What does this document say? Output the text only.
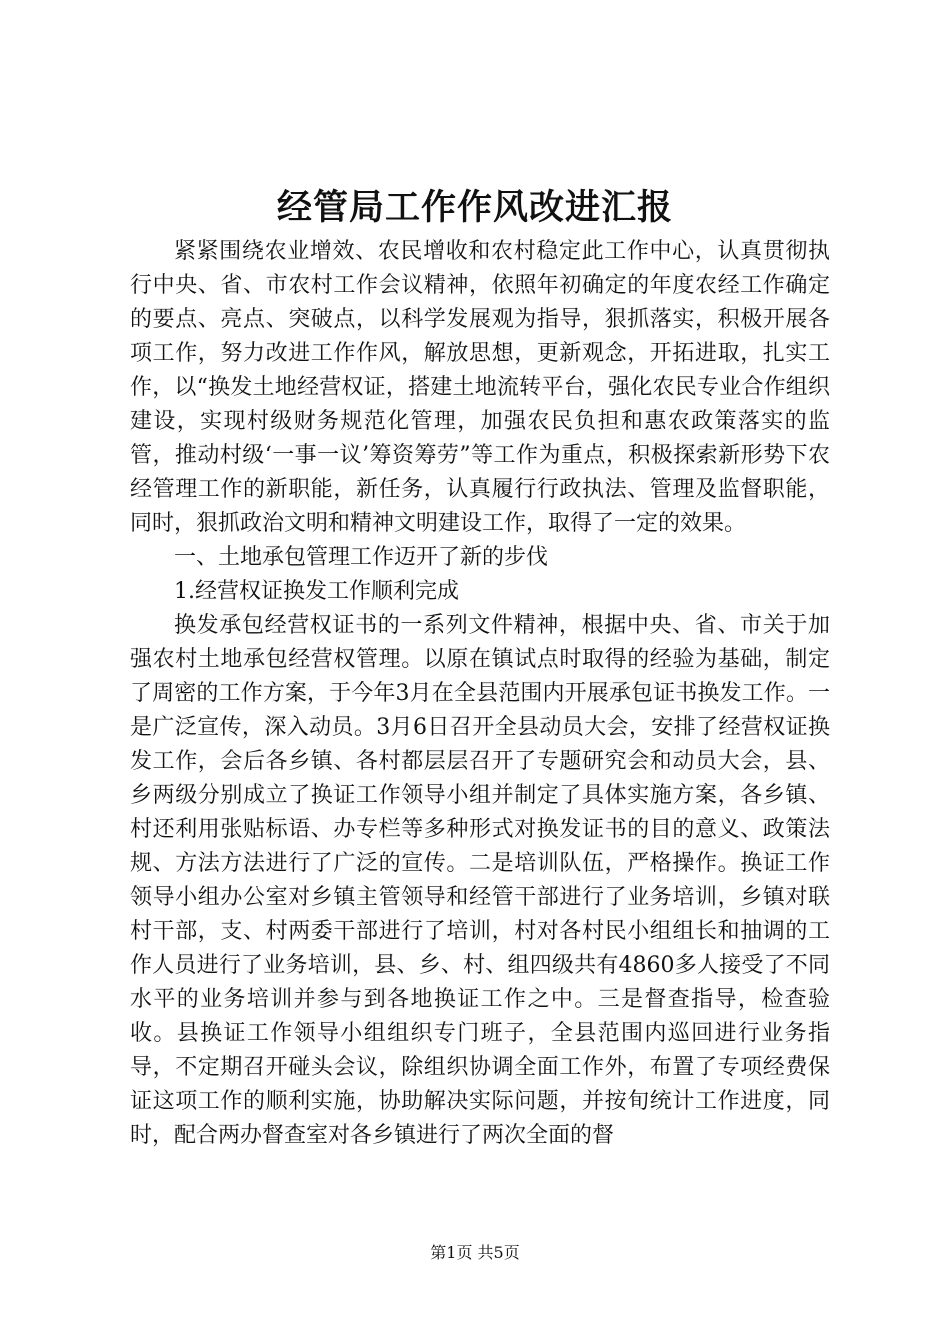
经管局工作作风改进汇报

紧紧围绕农业增效、农民增收和农村稳定此工作中心，认真贯彻执行中央、省、市农村工作会议精神，依照年初确定的年度农经工作确定的要点、亮点、突破点，以科学发展观为指导，狠抓落实，积极开展各项工作，努力改进工作作风，解放思想，更新观念，开拓进取，扎实工作，以“换发土地经营权证，搭建土地流转平台，强化农民专业合作组织建设，实现村级财务规范化管理，加强农民负担和惠农政策落实的监管，推动村级‘一事一议’筹资筹劳”等工作为重点，积极探索新形势下农经管理工作的新职能，新任务，认真履行行政执法、管理及监督职能，同时，狠抓政治文明和精神文明建设工作，取得了一定的效果。

一、土地承包管理工作迈开了新的步伐

1.经营权证换发工作顺利完成

换发承包经营权证书的一系列文件精神，根据中央、省、市关于加强农村土地承包经营权管理。以原在镇试点时取得的经验为基础，制定了周密的工作方案，于今年3月在全县范围内开展承包证书换发工作。一是广泛宣传，深入动员。3月6日召开全县动员大会，安排了经营权证换发工作，会后各乡镇、各村都层层召开了专题研究会和动员大会，县、乡两级分别成立了换证工作领导小组并制定了具体实施方案，各乡镇、村还利用张贴标语、办专栏等多种形式对换发证书的目的意义、政策法规、方法方法进行了广泛的宣传。二是培训队伍，严格操作。换证工作领导小组办公室对乡镇主管领导和经管干部进行了业务培训，乡镇对联村干部，支、村两委干部进行了培训，村对各村民小组组长和抽调的工作人员进行了业务培训，县、乡、村、组四级共有4860多人接受了不同水平的业务培训并参与到各地换证工作之中。三是督查指导，检查验收。县换证工作领导小组组织专门班子，全县范围内巡回进行业务指导，不定期召开碰头会议，除组织协调全面工作外，布置了专项经费保证这项工作的顺利实施，协助解决实际问题，并按旬统计工作进度，同时，配合两办督查室对各乡镇进行了两次全面的督

第1页 共5页
